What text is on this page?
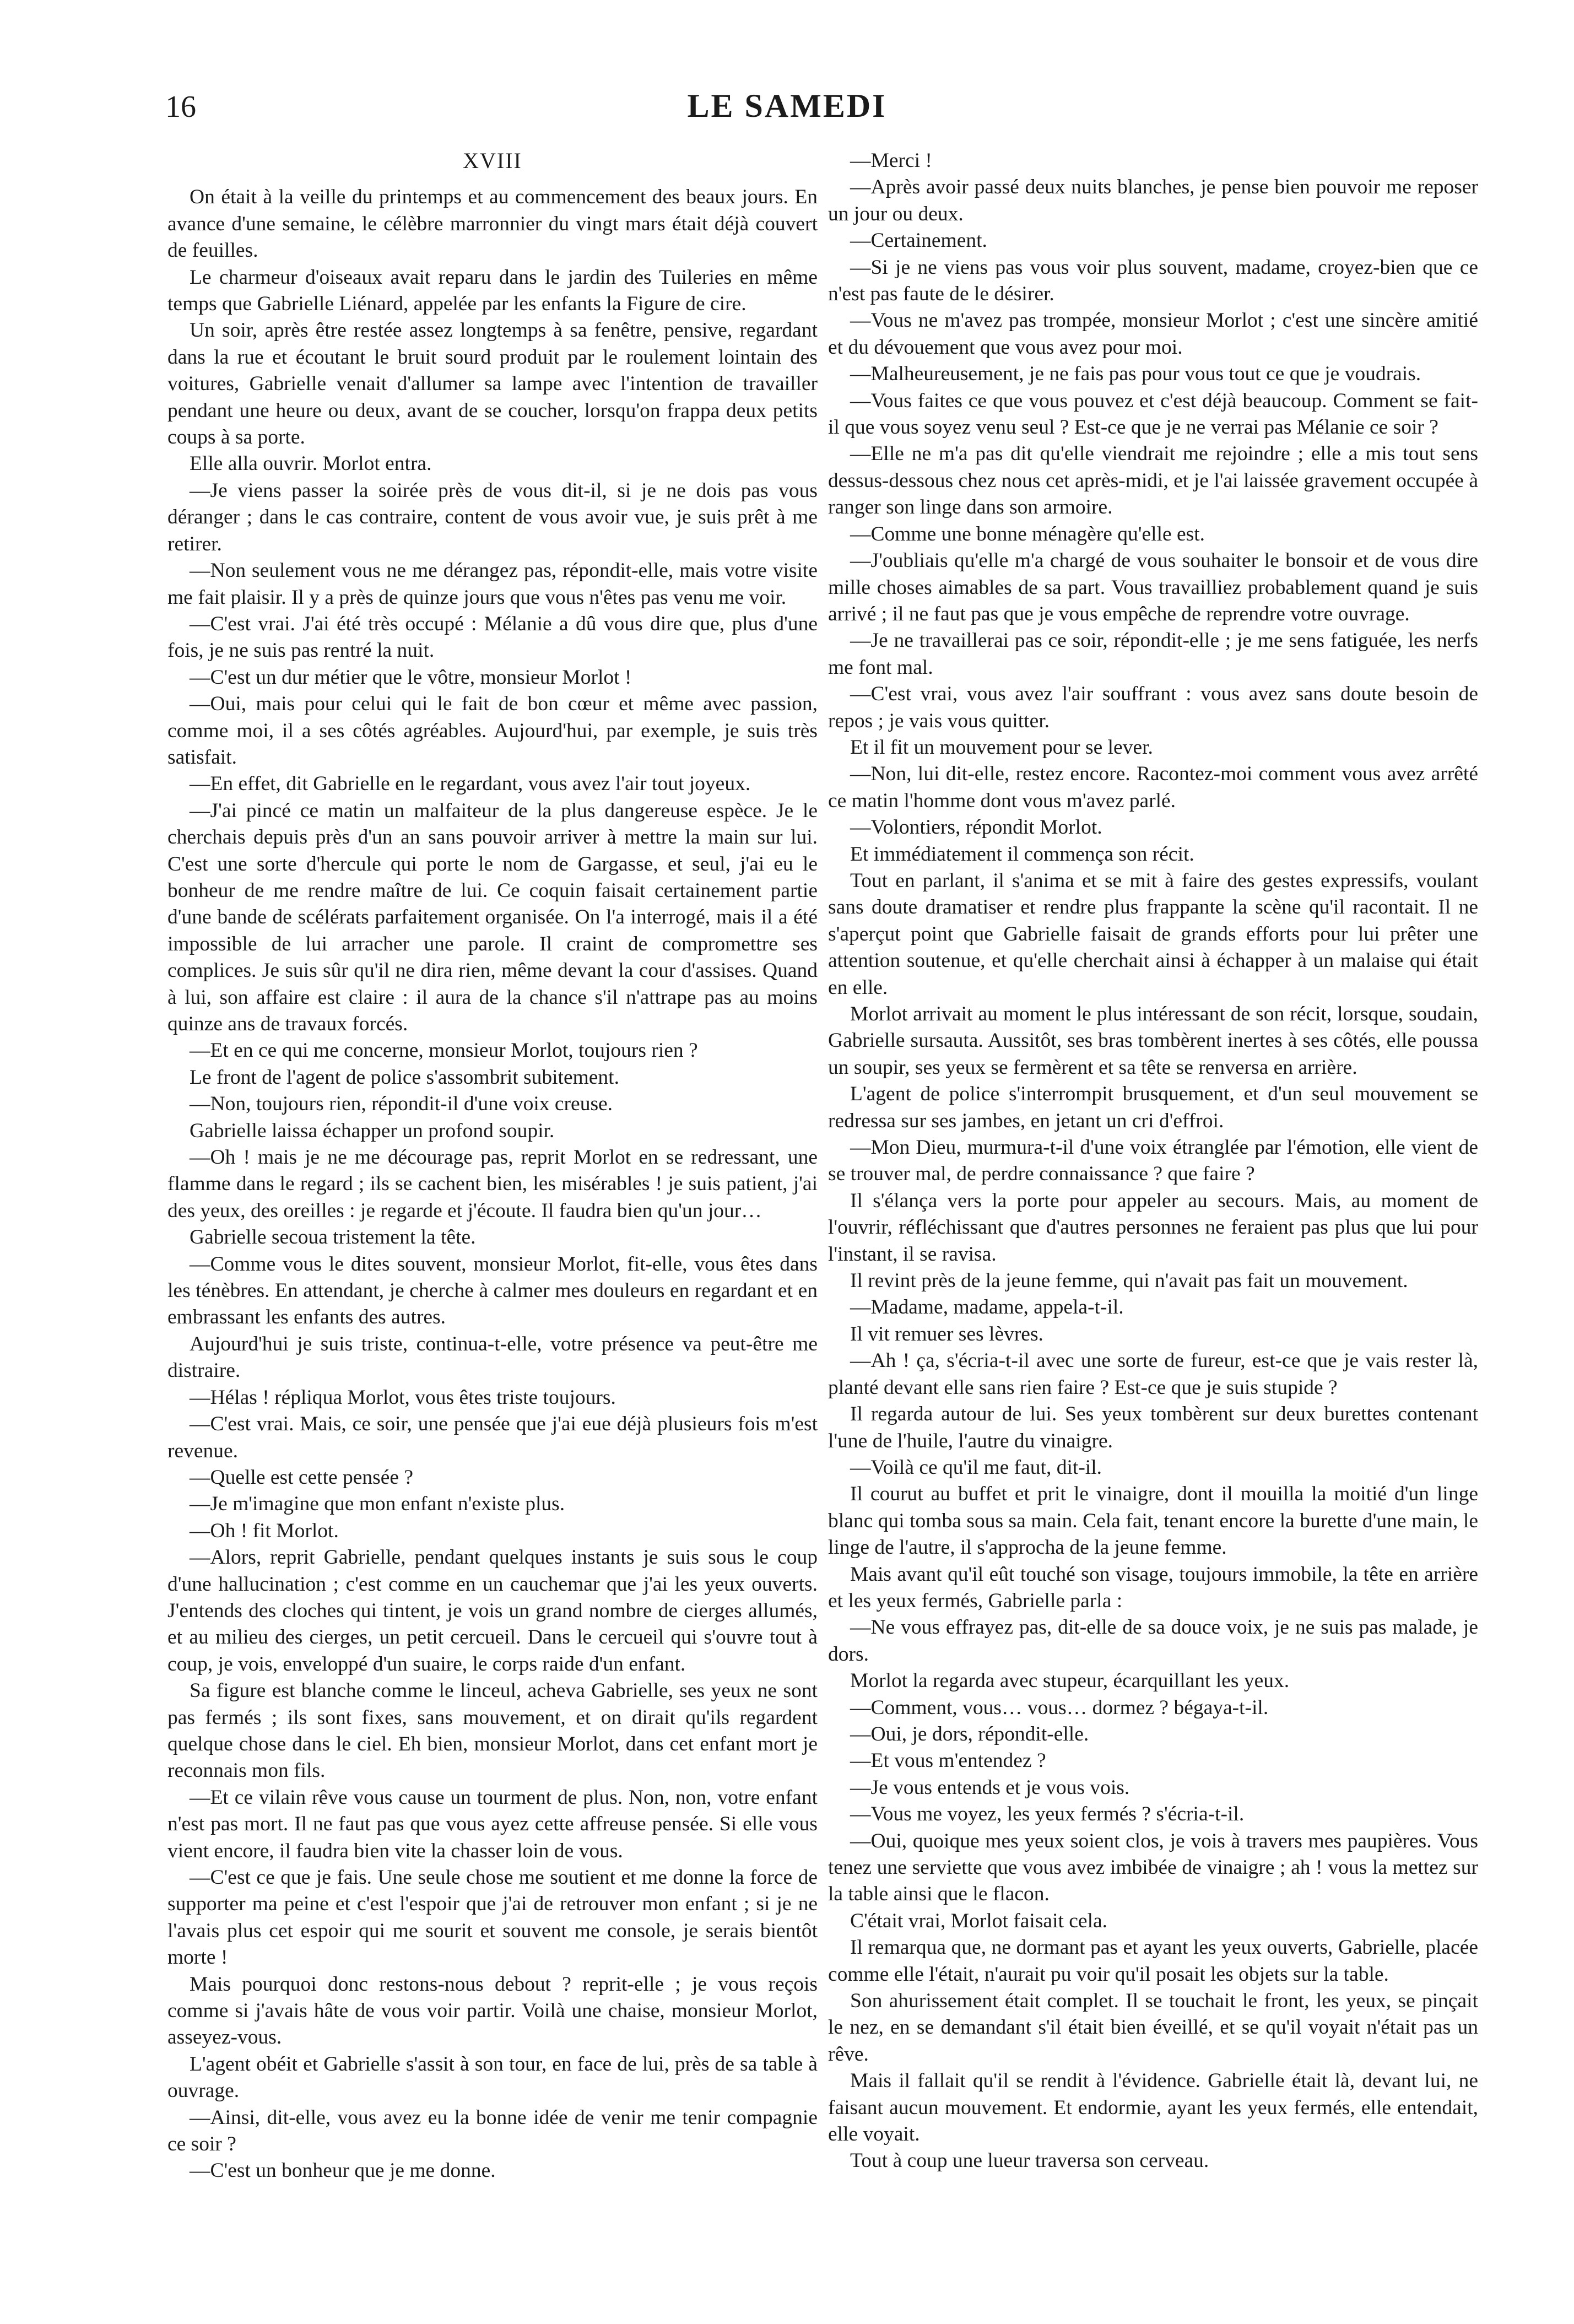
16	LE SAMEDI
XVIII

On était à la veille du printemps et au commencement des beaux jours. En avance d'une semaine, le célèbre marronnier du vingt mars était déjà couvert de feuilles.

Le charmeur d'oiseaux avait reparu dans le jardin des Tuileries en même temps que Gabrielle Liénard, appelée par les enfants la Figure de cire.

Un soir, après être restée assez longtemps à sa fenêtre, pensive, regardant dans la rue et écoutant le bruit sourd produit par le roulement lointain des voitures, Gabrielle venait d'allumer sa lampe avec l'intention de travailler pendant une heure ou deux, avant de se coucher, lorsqu'on frappa deux petits coups à sa porte.

Elle alla ouvrir. Morlot entra.

—Je viens passer la soirée près de vous dit-il, si je ne dois pas vous déranger ; dans le cas contraire, content de vous avoir vue, je suis prêt à me retirer.

—Non seulement vous ne me dérangez pas, répondit-elle, mais votre visite me fait plaisir. Il y a près de quinze jours que vous n'êtes pas venu me voir.

—C'est vrai. J'ai été très occupé : Mélanie a dû vous dire que, plus d'une fois, je ne suis pas rentré la nuit.

—C'est un dur métier que le vôtre, monsieur Morlot !

—Oui, mais pour celui qui le fait de bon cœur et même avec passion, comme moi, il a ses côtés agréables. Aujourd'hui, par exemple, je suis très satisfait.

—En effet, dit Gabrielle en le regardant, vous avez l'air tout joyeux.

—J'ai pincé ce matin un malfaiteur de la plus dangereuse espèce. Je le cherchais depuis près d'un an sans pouvoir arriver à mettre la main sur lui. C'est une sorte d'hercule qui porte le nom de Gargasse, et seul, j'ai eu le bonheur de me rendre maître de lui. Ce coquin faisait certainement partie d'une bande de scélérats parfaitement organisée. On l'a interrogé, mais il a été impossible de lui arracher une parole. Il craint de compromettre ses complices. Je suis sûr qu'il ne dira rien, même devant la cour d'assises. Quand à lui, son affaire est claire : il aura de la chance s'il n'attrape pas au moins quinze ans de travaux forcés.

—Et en ce qui me concerne, monsieur Morlot, toujours rien ?

Le front de l'agent de police s'assombrit subitement.

—Non, toujours rien, répondit-il d'une voix creuse.

Gabrielle laissa échapper un profond soupir.

—Oh ! mais je ne me décourage pas, reprit Morlot en se redressant, une flamme dans le regard ; ils se cachent bien, les misérables ! je suis patient, j'ai des yeux, des oreilles : je regarde et j'écoute. Il faudra bien qu'un jour…

Gabrielle secoua tristement la tête.

—Comme vous le dites souvent, monsieur Morlot, fit-elle, vous êtes dans les ténèbres. En attendant, je cherche à calmer mes douleurs en regardant et en embrassant les enfants des autres.

Aujourd'hui je suis triste, continua-t-elle, votre présence va peut-être me distraire.

—Hélas ! répliqua Morlot, vous êtes triste toujours.

—C'est vrai. Mais, ce soir, une pensée que j'ai eue déjà plusieurs fois m'est revenue.

—Quelle est cette pensée ?

—Je m'imagine que mon enfant n'existe plus.

—Oh ! fit Morlot.

—Alors, reprit Gabrielle, pendant quelques instants je suis sous le coup d'une hallucination ; c'est comme en un cauchemar que j'ai les yeux ouverts. J'entends des cloches qui tintent, je vois un grand nombre de cierges allumés, et au milieu des cierges, un petit cercueil. Dans le cercueil qui s'ouvre tout à coup, je vois, enveloppé d'un suaire, le corps raide d'un enfant.

Sa figure est blanche comme le linceul, acheva Gabrielle, ses yeux ne sont pas fermés ; ils sont fixes, sans mouvement, et on dirait qu'ils regardent quelque chose dans le ciel. Eh bien, monsieur Morlot, dans cet enfant mort je reconnais mon fils.

—Et ce vilain rêve vous cause un tourment de plus. Non, non, votre enfant n'est pas mort. Il ne faut pas que vous ayez cette affreuse pensée. Si elle vous vient encore, il faudra bien vite la chasser loin de vous.

—C'est ce que je fais. Une seule chose me soutient et me donne la force de supporter ma peine et c'est l'espoir que j'ai de retrouver mon enfant ; si je ne l'avais plus cet espoir qui me sourit et souvent me console, je serais bientôt morte !

Mais pourquoi donc restons-nous debout ? reprit-elle ; je vous reçois comme si j'avais hâte de vous voir partir. Voilà une chaise, monsieur Morlot, asseyez-vous.

L'agent obéit et Gabrielle s'assit à son tour, en face de lui, près de sa table à ouvrage.

—Ainsi, dit-elle, vous avez eu la bonne idée de venir me tenir compagnie ce soir ?

—C'est un bonheur que je me donne.

—Merci !

—Après avoir passé deux nuits blanches, je pense bien pouvoir me reposer un jour ou deux.

—Certainement.

—Si je ne viens pas vous voir plus souvent, madame, croyez-bien que ce n'est pas faute de le désirer.

—Vous ne m'avez pas trompée, monsieur Morlot ; c'est une sincère amitié et du dévouement que vous avez pour moi.

—Malheureusement, je ne fais pas pour vous tout ce que je voudrais.

—Vous faites ce que vous pouvez et c'est déjà beaucoup. Comment se fait-il que vous soyez venu seul ? Est-ce que je ne verrai pas Mélanie ce soir ?

—Elle ne m'a pas dit qu'elle viendrait me rejoindre ; elle a mis tout sens dessus-dessous chez nous cet après-midi, et je l'ai laissée gravement occupée à ranger son linge dans son armoire.

—Comme une bonne ménagère qu'elle est.

—J'oubliais qu'elle m'a chargé de vous souhaiter le bonsoir et de vous dire mille choses aimables de sa part. Vous travailliez probablement quand je suis arrivé ; il ne faut pas que je vous empêche de reprendre votre ouvrage.

—Je ne travaillerai pas ce soir, répondit-elle ; je me sens fatiguée, les nerfs me font mal.

—C'est vrai, vous avez l'air souffrant : vous avez sans doute besoin de repos ; je vais vous quitter.

Et il fit un mouvement pour se lever.

—Non, lui dit-elle, restez encore. Racontez-moi comment vous avez arrêté ce matin l'homme dont vous m'avez parlé.

—Volontiers, répondit Morlot.

Et immédiatement il commença son récit.

Tout en parlant, il s'anima et se mit à faire des gestes expressifs, voulant sans doute dramatiser et rendre plus frappante la scène qu'il racontait. Il ne s'aperçut point que Gabrielle faisait de grands efforts pour lui prêter une attention soutenue, et qu'elle cherchait ainsi à échapper à un malaise qui était en elle.

Morlot arrivait au moment le plus intéressant de son récit, lorsque, soudain, Gabrielle sursauta. Aussitôt, ses bras tombèrent inertes à ses côtés, elle poussa un soupir, ses yeux se fermèrent et sa tête se renversa en arrière.

L'agent de police s'interrompit brusquement, et d'un seul mouvement se redressa sur ses jambes, en jetant un cri d'effroi.

—Mon Dieu, murmura-t-il d'une voix étranglée par l'émotion, elle vient de se trouver mal, de perdre connaissance ? que faire ?

Il s'élança vers la porte pour appeler au secours. Mais, au moment de l'ouvrir, réfléchissant que d'autres personnes ne feraient pas plus que lui pour l'instant, il se ravisa.

Il revint près de la jeune femme, qui n'avait pas fait un mouvement.

—Madame, madame, appela-t-il.

Il vit remuer ses lèvres.

—Ah ! ça, s'écria-t-il avec une sorte de fureur, est-ce que je vais rester là, planté devant elle sans rien faire ? Est-ce que je suis stupide ?

Il regarda autour de lui. Ses yeux tombèrent sur deux burettes contenant l'une de l'huile, l'autre du vinaigre.

—Voilà ce qu'il me faut, dit-il.

Il courut au buffet et prit le vinaigre, dont il mouilla la moitié d'un linge blanc qui tomba sous sa main. Cela fait, tenant encore la burette d'une main, le linge de l'autre, il s'approcha de la jeune femme.

Mais avant qu'il eût touché son visage, toujours immobile, la tête en arrière et les yeux fermés, Gabrielle parla :

—Ne vous effrayez pas, dit-elle de sa douce voix, je ne suis pas malade, je dors.

Morlot la regarda avec stupeur, écarquillant les yeux.

—Comment, vous… vous… dormez ? bégaya-t-il.

—Oui, je dors, répondit-elle.

—Et vous m'entendez ?

—Je vous entends et je vous vois.

—Vous me voyez, les yeux fermés ? s'écria-t-il.

—Oui, quoique mes yeux soient clos, je vois à travers mes paupières. Vous tenez une serviette que vous avez imbibée de vinaigre ; ah ! vous la mettez sur la table ainsi que le flacon.

C'était vrai, Morlot faisait cela.

Il remarqua que, ne dormant pas et ayant les yeux ouverts, Gabrielle, placée comme elle l'était, n'aurait pu voir qu'il posait les objets sur la table.

Son ahurissement était complet. Il se touchait le front, les yeux, se pinçait le nez, en se demandant s'il était bien éveillé, et se qu'il voyait n'était pas un rêve.

Mais il fallait qu'il se rendit à l'évidence. Gabrielle était là, devant lui, ne faisant aucun mouvement. Et endormie, ayant les yeux fermés, elle entendait, elle voyait.

Tout à coup une lueur traversa son cerveau.
